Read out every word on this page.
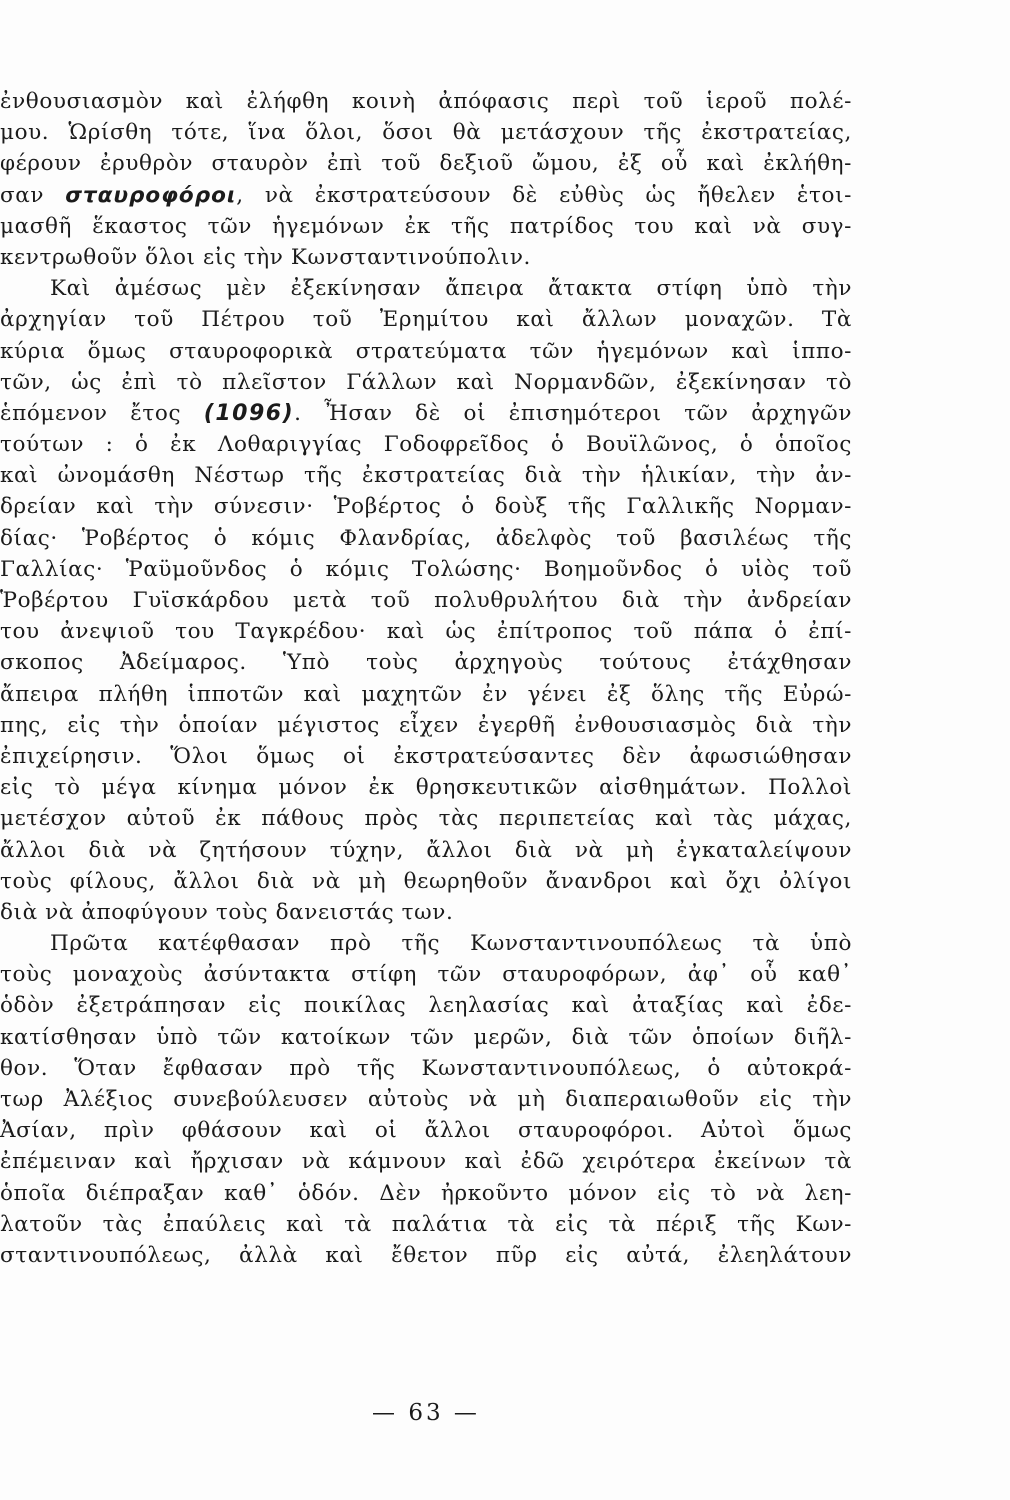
ἐνθουσιασμὸν καὶ ἐλήφθη κοινὴ ἀπόφασις περὶ τοῦ ἱεροῦ πολέ-
μου. Ὡρίσθη τότε, ἵνα ὅλοι, ὅσοι θὰ μετάσχουν τῆς ἐκστρατείας,
φέρουν ἐρυθρὸν σταυρὸν ἐπὶ τοῦ δεξιοῦ ὤμου, ἐξ οὗ καὶ ἐκλήθη-
σαν σταυροφόροι, νὰ ἐκστρατεύσουν δὲ εὐθὺς ὡς ἤθελεν ἑτοι-
μασθῆ ἕκαστος τῶν ἡγεμόνων ἐκ τῆς πατρίδος του καὶ νὰ συγ-
κεντρωθοῦν ὅλοι εἰς τὴν Κωνσταντινούπολιν.
Καὶ ἀμέσως μὲν ἐξεκίνησαν ἄπειρα ἄτακτα στίφη ὑπὸ τὴν
ἀρχηγίαν τοῦ Πέτρου τοῦ Ἐρημίτου καὶ ἄλλων μοναχῶν. Τὰ
κύρια ὅμως σταυροφορικὰ στρατεύματα τῶν ἡγεμόνων καὶ ἱππο-
τῶν, ὡς ἐπὶ τὸ πλεῖστον Γάλλων καὶ Νορμανδῶν, ἐξεκίνησαν τὸ
ἑπόμενον ἔτος (1096). Ἦσαν δὲ οἱ ἐπισημότεροι τῶν ἀρχηγῶν
τούτων : ὁ ἐκ Λοθαριγγίας Γοδοφρεῖδος ὁ Βουϊλῶνος, ὁ ὁποῖος
καὶ ὠνομάσθη Νέστωρ τῆς ἐκστρατείας διὰ τὴν ἡλικίαν, τὴν ἀν-
δρείαν καὶ τὴν σύνεσιν· Ῥοβέρτος ὁ δοὺξ τῆς Γαλλικῆς Νορμαν-
δίας· Ῥοβέρτος ὁ κόμις Φλανδρίας, ἀδελφὸς τοῦ βασιλέως τῆς
Γαλλίας· Ῥαϋμοῦνδος ὁ κόμις Τολώσης· Βοημοῦνδος ὁ υἱὸς τοῦ
Ῥοβέρτου Γυϊσκάρδου μετὰ τοῦ πολυθρυλήτου διὰ τὴν ἀνδρείαν
του ἀνεψιοῦ του Ταγκρέδου· καὶ ὡς ἐπίτροπος τοῦ πάπα ὁ ἐπί-
σκοπος Ἀδείμαρος. Ὑπὸ τοὺς ἀρχηγοὺς τούτους ἐτάχθησαν
ἄπειρα πλήθη ἱπποτῶν καὶ μαχητῶν ἐν γένει ἐξ ὅλης τῆς Εὐρώ-
πης, εἰς τὴν ὁποίαν μέγιστος εἶχεν ἐγερθῆ ἐνθουσιασμὸς διὰ τὴν
ἐπιχείρησιν. Ὅλοι ὅμως οἱ ἐκστρατεύσαντες δὲν ἀφωσιώθησαν
εἰς τὸ μέγα κίνημα μόνον ἐκ θρησκευτικῶν αἰσθημάτων. Πολλοὶ
μετέσχον αὐτοῦ ἐκ πάθους πρὸς τὰς περιπετείας καὶ τὰς μάχας,
ἄλλοι διὰ νὰ ζητήσουν τύχην, ἄλλοι διὰ νὰ μὴ ἐγκαταλείψουν
τοὺς φίλους, ἄλλοι διὰ νὰ μὴ θεωρηθοῦν ἄνανδροι καὶ ὄχι ὀλίγοι
διὰ νὰ ἀποφύγουν τοὺς δανειστάς των.
Πρῶτα κατέφθασαν πρὸ τῆς Κωνσταντινουπόλεως τὰ ὑπὸ
τοὺς μοναχοὺς ἀσύντακτα στίφη τῶν σταυροφόρων, ἀφ᾽ οὗ καθ᾽
ὁδὸν ἐξετράπησαν εἰς ποικίλας λεηλασίας καὶ ἀταξίας καὶ ἐδε-
κατίσθησαν ὑπὸ τῶν κατοίκων τῶν μερῶν, διὰ τῶν ὁποίων διῆλ-
θον. Ὅταν ἔφθασαν πρὸ τῆς Κωνσταντινουπόλεως, ὁ αὐτοκρά-
τωρ Ἀλέξιος συνεβούλευσεν αὐτοὺς νὰ μὴ διαπεραιωθοῦν εἰς τὴν
Ἀσίαν, πρὶν φθάσουν καὶ οἱ ἄλλοι σταυροφόροι. Αὐτοὶ ὅμως
ἐπέμειναν καὶ ἤρχισαν νὰ κάμνουν καὶ ἐδῶ χειρότερα ἐκείνων τὰ
ὁποῖα διέπραξαν καθ᾽ ὁδόν. Δὲν ἠρκοῦντο μόνον εἰς τὸ νὰ λεη-
λατοῦν τὰς ἐπαύλεις καὶ τὰ παλάτια τὰ εἰς τὰ πέριξ τῆς Κων-
σταντινουπόλεως, ἀλλὰ καὶ ἔθετον πῦρ εἰς αὐτά, ἐλεηλάτουν
— 63 —
